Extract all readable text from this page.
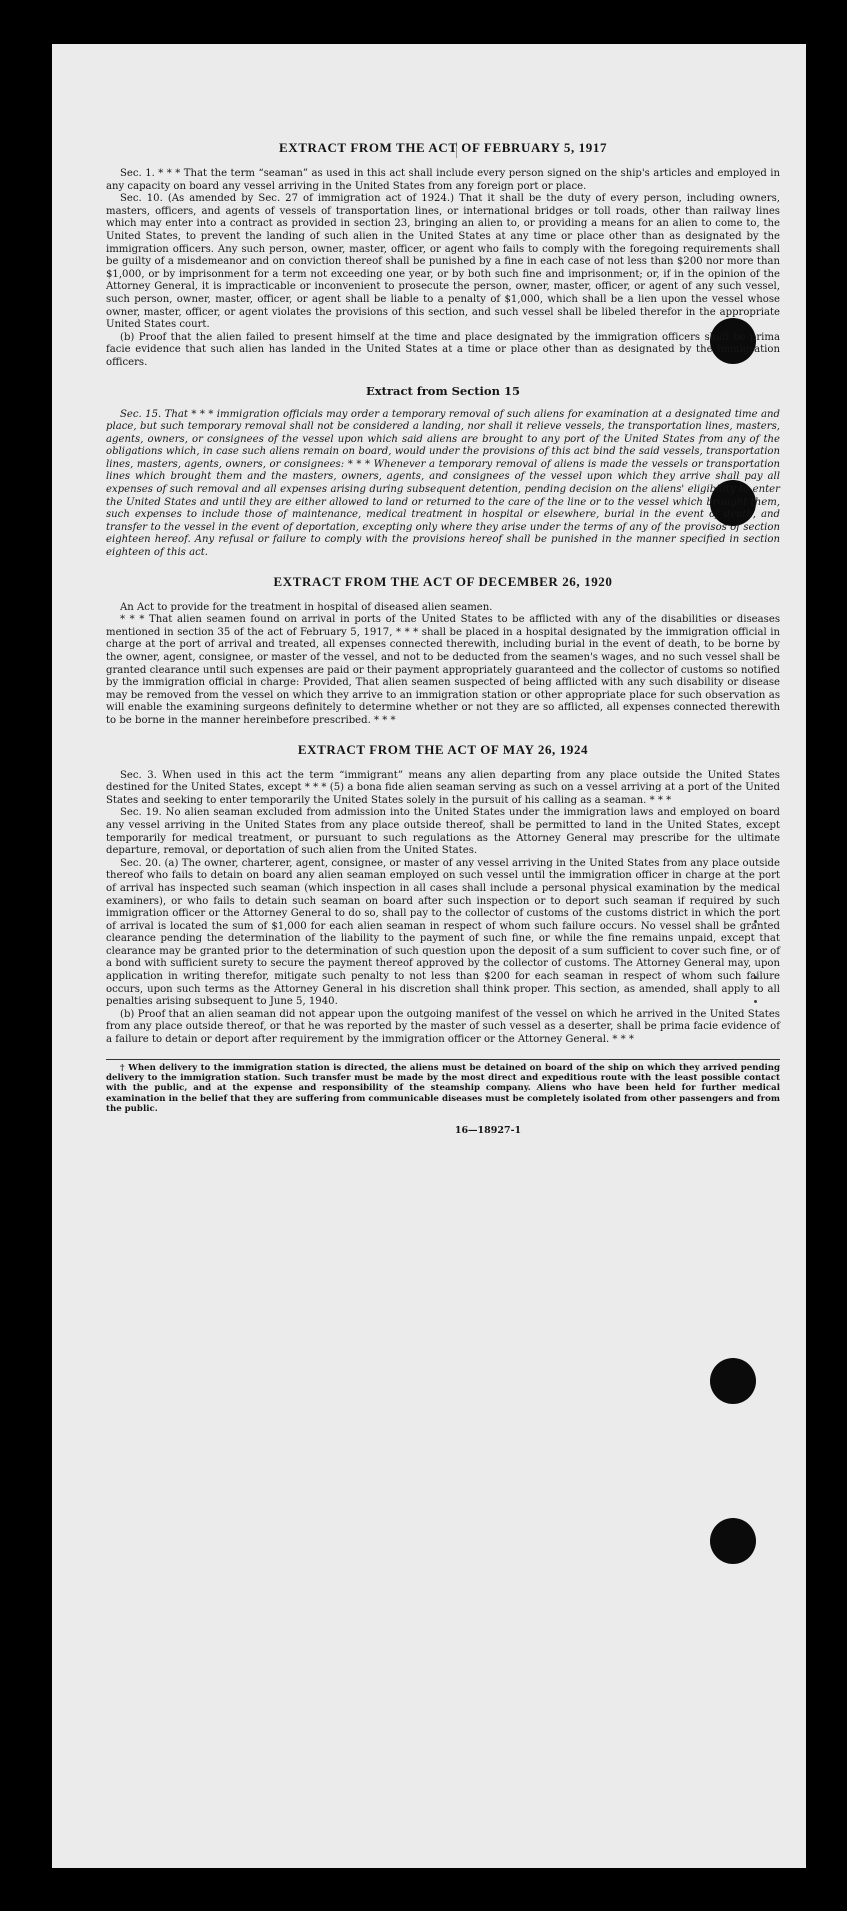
EXTRACT FROM THE ACT OF FEBRUARY 5, 1917

Sec. 1. * * * That the term “seaman” as used in this act shall include every person signed on the ship's articles and employed in any capacity on board any vessel arriving in the United States from any foreign port or place.

Sec. 10. (As amended by Sec. 27 of immigration act of 1924.) That it shall be the duty of every person, including owners, masters, officers, and agents of vessels of transportation lines, or international bridges or toll roads, other than railway lines which may enter into a contract as provided in section 23, bringing an alien to, or providing a means for an alien to come to, the United States, to prevent the landing of such alien in the United States at any time or place other than as designated by the immigration officers. Any such person, owner, master, officer, or agent who fails to comply with the foregoing requirements shall be guilty of a misdemeanor and on conviction thereof shall be punished by a fine in each case of not less than $200 nor more than $1,000, or by imprisonment for a term not exceeding one year, or by both such fine and imprisonment; or, if in the opinion of the Attorney General, it is impracticable or inconvenient to prosecute the person, owner, master, officer, or agent of any such vessel, such person, owner, master, officer, or agent shall be liable to a penalty of $1,000, which shall be a lien upon the vessel whose owner, master, officer, or agent violates the provisions of this section, and such vessel shall be libeled therefor in the appropriate United States court.

(b) Proof that the alien failed to present himself at the time and place designated by the immigration officers shall be prima facie evidence that such alien has landed in the United States at a time or place other than as designated by the immigration officers.

Extract from Section 15

Sec. 15. That * * * immigration officials may order a temporary removal of such aliens for examination at a designated time and place, but such temporary removal shall not be considered a landing, nor shall it relieve vessels, the transportation lines, masters, agents, owners, or consignees of the vessel upon which said aliens are brought to any port of the United States from any of the obligations which, in case such aliens remain on board, would under the provisions of this act bind the said vessels, transportation lines, masters, agents, owners, or consignees: * * * Whenever a temporary removal of aliens is made the vessels or transportation lines which brought them and the masters, owners, agents, and consignees of the vessel upon which they arrive shall pay all expenses of such removal and all expenses arising during subsequent detention, pending decision on the aliens' eligibility to enter the United States and until they are either allowed to land or returned to the care of the line or to the vessel which brought them, such expenses to include those of maintenance, medical treatment in hospital or elsewhere, burial in the event of death, and transfer to the vessel in the event of deportation, excepting only where they arise under the terms of any of the provisos of section eighteen hereof. Any refusal or failure to comply with the provisions hereof shall be punished in the manner specified in section eighteen of this act.

EXTRACT FROM THE ACT OF DECEMBER 26, 1920

An Act to provide for the treatment in hospital of diseased alien seamen.

* * * That alien seamen found on arrival in ports of the United States to be afflicted with any of the disabilities or diseases mentioned in section 35 of the act of February 5, 1917, * * * shall be placed in a hospital designated by the immigration official in charge at the port of arrival and treated, all expenses connected therewith, including burial in the event of death, to be borne by the owner, agent, consignee, or master of the vessel, and not to be deducted from the seamen's wages, and no such vessel shall be granted clearance until such expenses are paid or their payment appropriately guaranteed and the collector of customs so notified by the immigration official in charge: Provided, That alien seamen suspected of being afflicted with any such disability or disease may be removed from the vessel on which they arrive to an immigration station or other appropriate place for such observation as will enable the examining surgeons definitely to determine whether or not they are so afflicted, all expenses connected therewith to be borne in the manner hereinbefore prescribed. * * *

EXTRACT FROM THE ACT OF MAY 26, 1924

Sec. 3. When used in this act the term “immigrant” means any alien departing from any place outside the United States destined for the United States, except * * * (5) a bona fide alien seaman serving as such on a vessel arriving at a port of the United States and seeking to enter temporarily the United States solely in the pursuit of his calling as a seaman. * * *

Sec. 19. No alien seaman excluded from admission into the United States under the immigration laws and employed on board any vessel arriving in the United States from any place outside thereof, shall be permitted to land in the United States, except temporarily for medical treatment, or pursuant to such regulations as the Attorney General may prescribe for the ultimate departure, removal, or deportation of such alien from the United States.

Sec. 20. (a) The owner, charterer, agent, consignee, or master of any vessel arriving in the United States from any place outside thereof who fails to detain on board any alien seaman employed on such vessel until the immigration officer in charge at the port of arrival has inspected such seaman (which inspection in all cases shall include a personal physical examination by the medical examiners), or who fails to detain such seaman on board after such inspection or to deport such seaman if required by such immigration officer or the Attorney General to do so, shall pay to the collector of customs of the customs district in which the port of arrival is located the sum of $1,000 for each alien seaman in respect of whom such failure occurs. No vessel shall be granted clearance pending the determination of the liability to the payment of such fine, or while the fine remains unpaid, except that clearance may be granted prior to the determination of such question upon the deposit of a sum sufficient to cover such fine, or of a bond with sufficient surety to secure the payment thereof approved by the collector of customs. The Attorney General may, upon application in writing therefor, mitigate such penalty to not less than $200 for each seaman in respect of whom such failure occurs, upon such terms as the Attorney General in his discretion shall think proper. This section, as amended, shall apply to all penalties arising subsequent to June 5, 1940.

(b) Proof that an alien seaman did not appear upon the outgoing manifest of the vessel on which he arrived in the United States from any place outside thereof, or that he was reported by the master of such vessel as a deserter, shall be prima facie evidence of a failure to detain or deport after requirement by the immigration officer or the Attorney General. * * *

† When delivery to the immigration station is directed, the aliens must be detained on board of the ship on which they arrived pending delivery to the immigration station. Such transfer must be made by the most direct and expeditious route with the least possible contact with the public, and at the expense and responsibility of the steamship company. Aliens who have been held for further medical examination in the belief that they are suffering from communicable diseases must be completely isolated from other passengers and from the public.

16—18927-1
